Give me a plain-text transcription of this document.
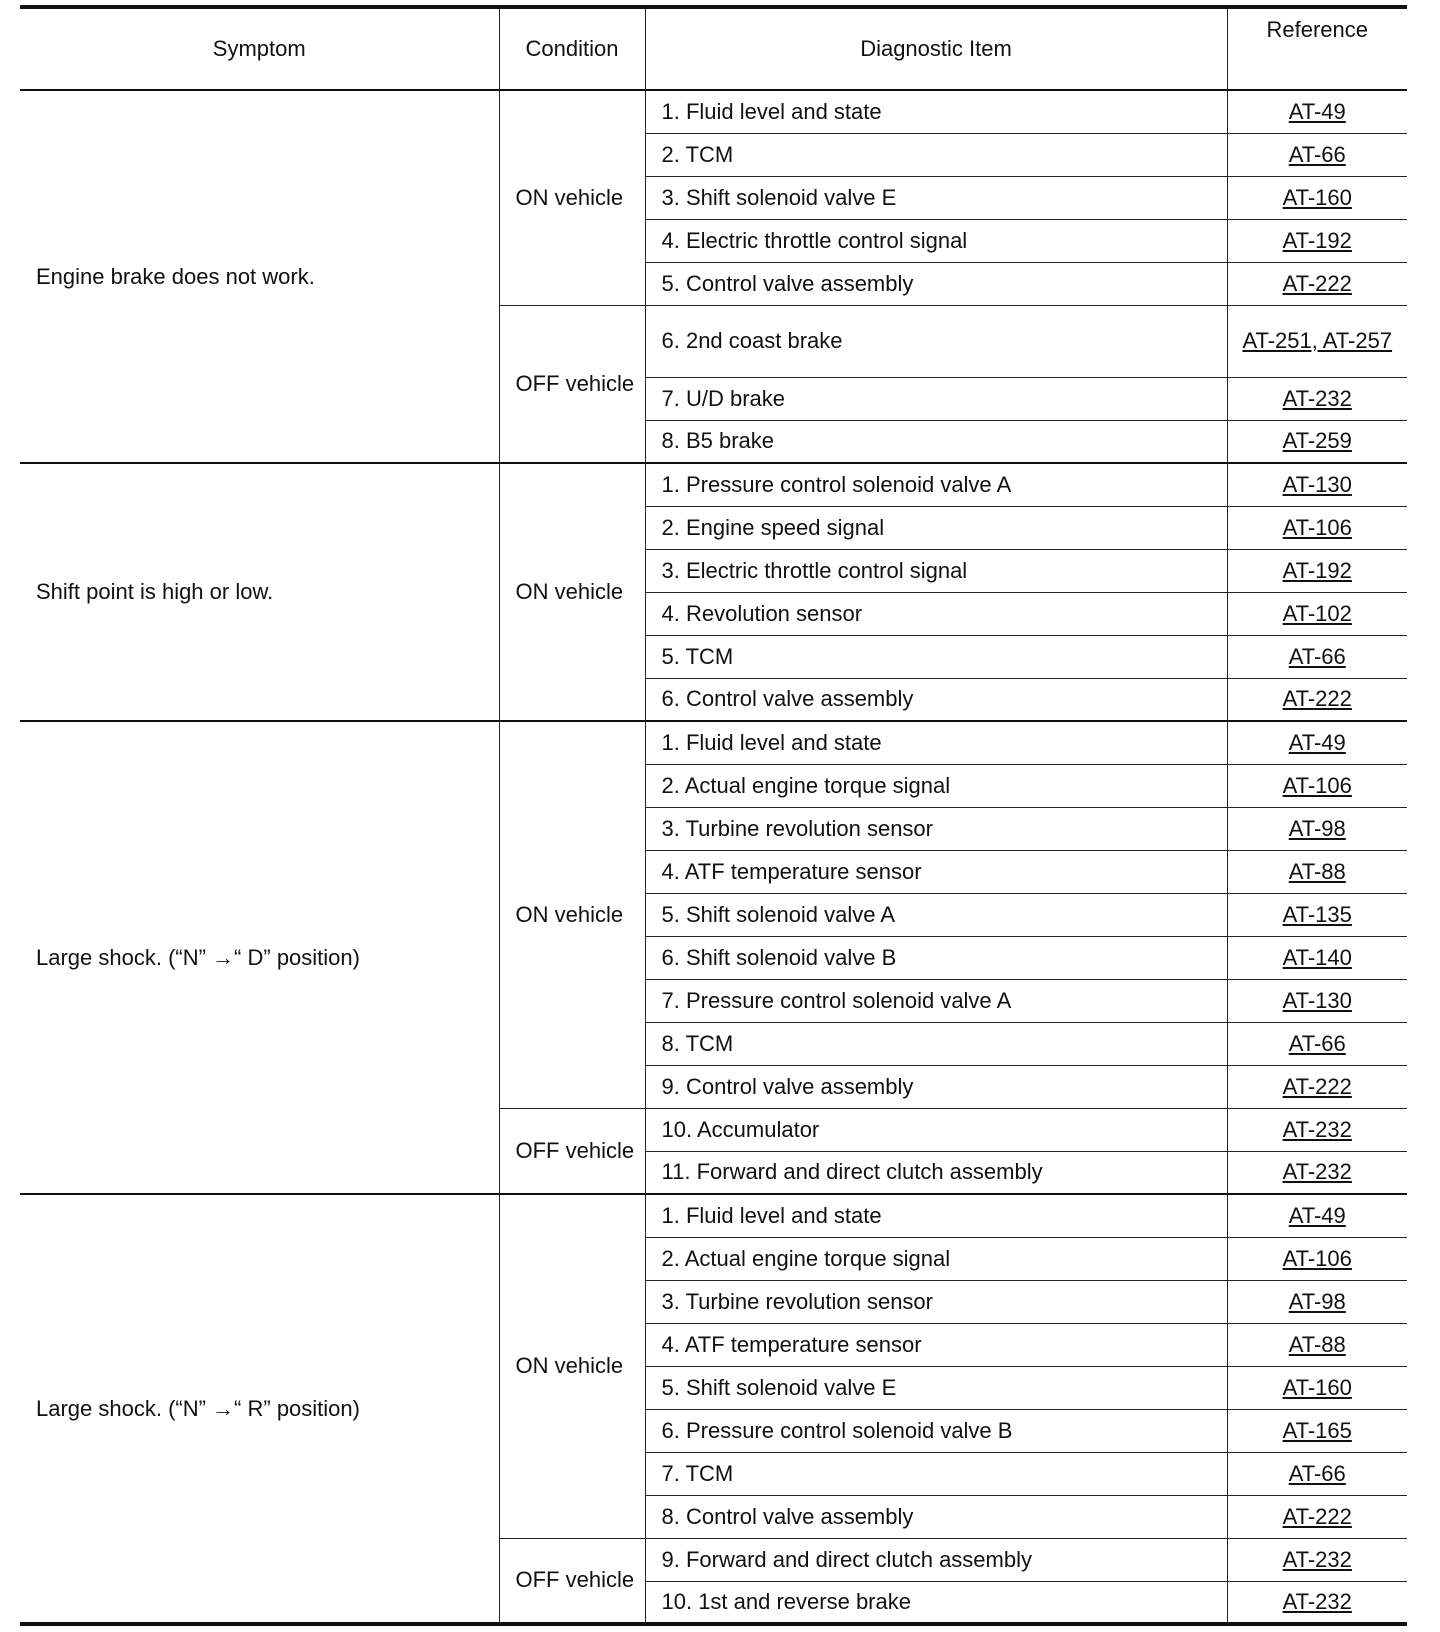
Symptom	Condition	Diagnostic Item	Reference
Engine brake does not work.	ON vehicle	1. Fluid level and state	AT-49
		2. TCM	AT-66
		3. Shift solenoid valve E	AT-160
		4. Electric throttle control signal	AT-192
		5. Control valve assembly	AT-222
	OFF vehicle	6. 2nd coast brake	AT-251, AT-257
		7. U/D brake	AT-232
		8. B5 brake	AT-259
Shift point is high or low.	ON vehicle	1. Pressure control solenoid valve A	AT-130
		2. Engine speed signal	AT-106
		3. Electric throttle control signal	AT-192
		4. Revolution sensor	AT-102
		5. TCM	AT-66
		6. Control valve assembly	AT-222
Large shock. (“N” →“ D” position)	ON vehicle	1. Fluid level and state	AT-49
		2. Actual engine torque signal	AT-106
		3. Turbine revolution sensor	AT-98
		4. ATF temperature sensor	AT-88
		5. Shift solenoid valve A	AT-135
		6. Shift solenoid valve B	AT-140
		7. Pressure control solenoid valve A	AT-130
		8. TCM	AT-66
		9. Control valve assembly	AT-222
	OFF vehicle	10. Accumulator	AT-232
		11. Forward and direct clutch assembly	AT-232
Large shock. (“N” →“ R” position)	ON vehicle	1. Fluid level and state	AT-49
		2. Actual engine torque signal	AT-106
		3. Turbine revolution sensor	AT-98
		4. ATF temperature sensor	AT-88
		5. Shift solenoid valve E	AT-160
		6. Pressure control solenoid valve B	AT-165
		7. TCM	AT-66
		8. Control valve assembly	AT-222
	OFF vehicle	9. Forward and direct clutch assembly	AT-232
		10. 1st and reverse brake	AT-232
